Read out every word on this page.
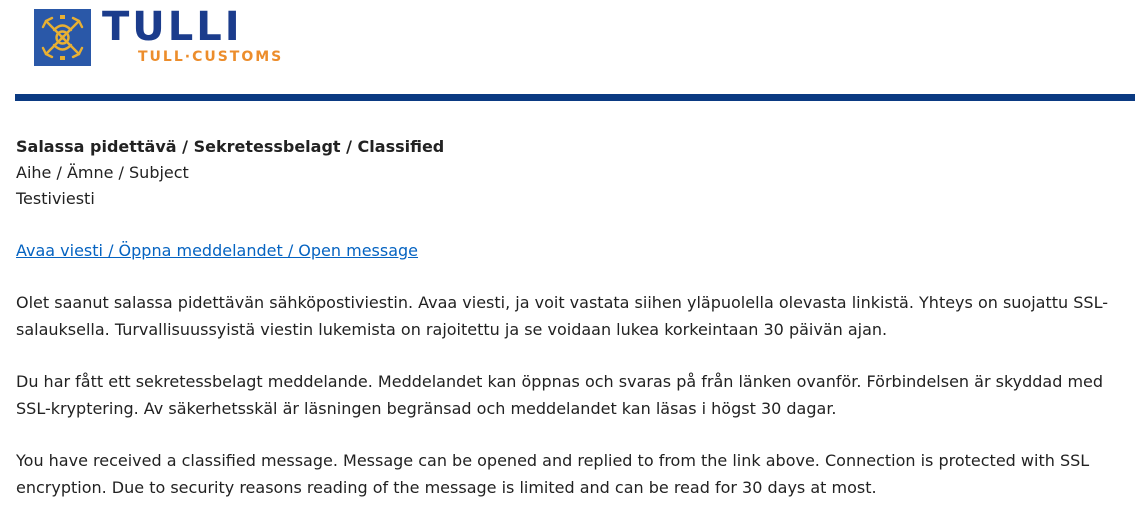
TULLI
TULL·CUSTOMS

Salassa pidettävä / Sekretessbelagt / Classified

Aihe / Ämne / Subject

Testiviesti

Avaa viesti / Öppna meddelandet / Open message

Olet saanut salassa pidettävän sähköpostiviestin. Avaa viesti, ja voit vastata siihen yläpuolella olevasta linkistä. Yhteys on suojattu SSL-salauksella. Turvallisuussyistä viestin lukemista on rajoitettu ja se voidaan lukea korkeintaan 30 päivän ajan.

Du har fått ett sekretessbelagt meddelande. Meddelandet kan öppnas och svaras på från länken ovanför. Förbindelsen är skyddad med SSL-kryptering. Av säkerhetsskäl är läsningen begränsad och meddelandet kan läsas i högst 30 dagar.

You have received a classified message. Message can be opened and replied to from the link above. Connection is protected with SSL encryption. Due to security reasons reading of the message is limited and can be read for 30 days at most.
